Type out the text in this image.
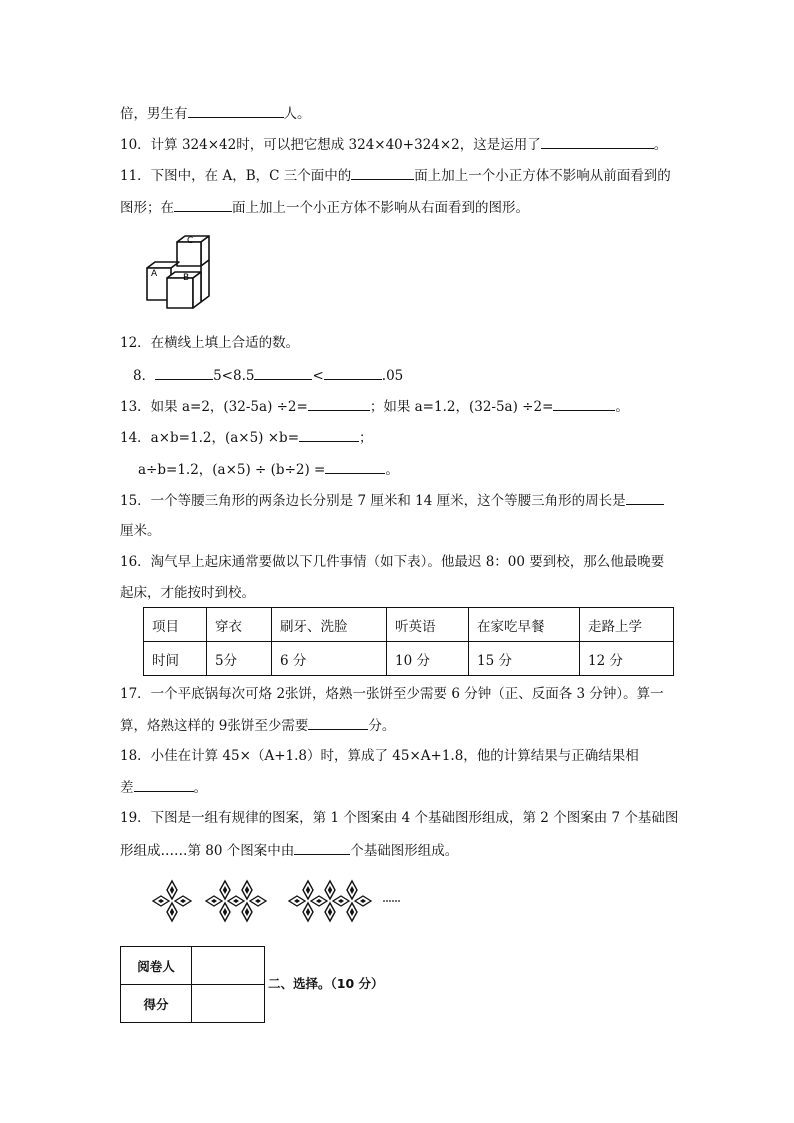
倍，男生有	人。
10．计算 324×42时，可以把它想成 324×40+324×2，这是运用了	。
11．下图中，在 A，B，C 三个面中的	面上加上一个小正方体不影响从前面看到的
图形；在	面上加上一个小正方体不影响从右面看到的图形。
A	B
C
12．在横线上填上合适的数。
8．	5<8.5	<	.05
13．如果 a=2，(32-5a) ÷2=	；如果 a=1.2，(32-5a) ÷2=	。
14．a×b=1.2，(a×5) ×b=	；
a÷b=1.2，(a×5) ÷ (b÷2) =	。
15．一个等腰三角形的两条边长分别是 7 厘米和 14 厘米，这个等腰三角形的周长是
厘米。
16．淘气早上起床通常要做以下几件事情（如下表）。他最迟 8：00 要到校，那么他最晚要
起床，才能按时到校。
项目	穿衣	刷牙、洗脸	听英语	在家吃早餐	走路上学
时间	5分	6 分	10 分	15 分	12 分
17．一个平底锅每次可烙 2张饼，烙熟一张饼至少需要 6 分钟（正、反面各 3 分钟）。算一
算，烙熟这样的 9张饼至少需要	分。
18．小佳在计算 45×（A+1.8）时，算成了 45×A+1.8，他的计算结果与正确结果相
差	。
19．下图是一组有规律的图案，第 1 个图案由 4 个基础图形组成，第 2 个图案由 7 个基础图
形组成……第 80 个图案中由	个基础图形组成。
阅卷人	
得分	
二、选择。（10 分）
